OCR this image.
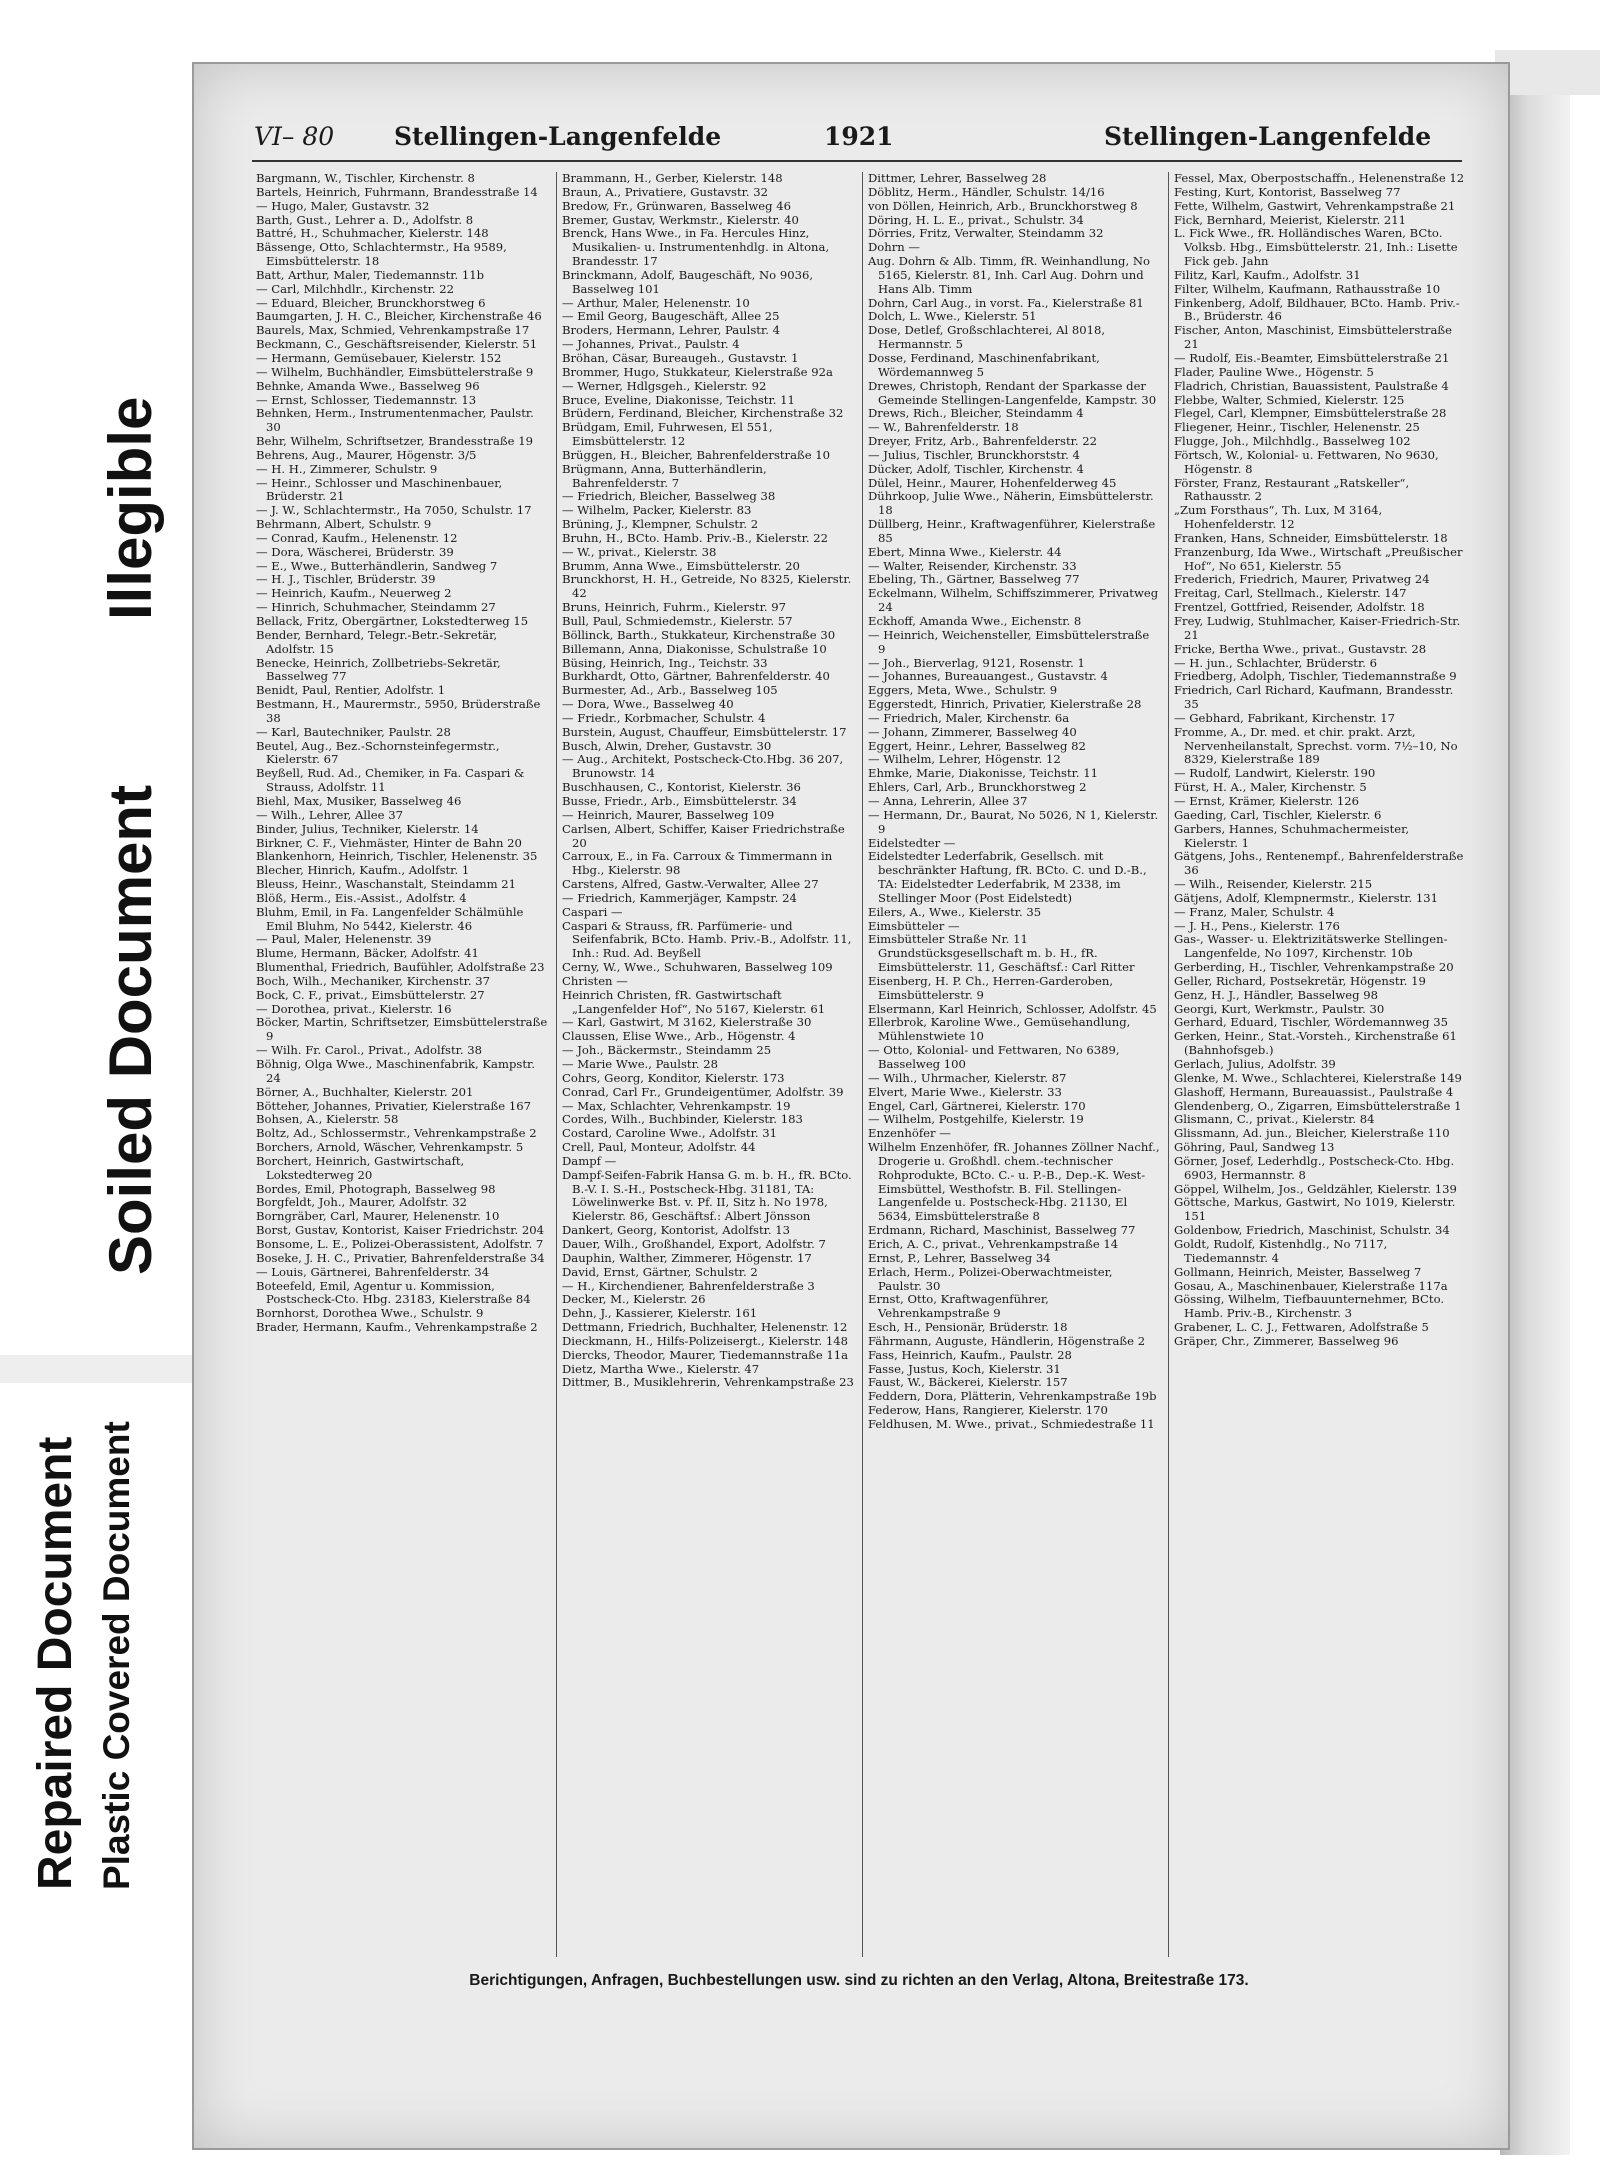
Illegible
Soiled Document
Repaired Document Plastic Covered Document
VI– 80 Stellingen-Langenfelde	1921	Stellingen-Langenfelde

Bargmann, W., Tischler, Kirchenstr. 8

Bartels, Heinrich, Fuhrmann, Brandesstraße 14

— Hugo, Maler, Gustavstr. 32

Barth, Gust., Lehrer a. D., Adolfstr. 8

Battré, H., Schuhmacher, Kielerstr. 148

Bässenge, Otto, Schlachtermstr., Ha 9589, Eimsbüttelerstr. 18

Batt, Arthur, Maler, Tiedemannstr. 11b

— Carl, Milchhdlr., Kirchenstr. 22

— Eduard, Bleicher, Brunckhorstweg 6

Baumgarten, J. H. C., Bleicher, Kirchenstraße 46

Baurels, Max, Schmied, Vehrenkampstraße 17

Beckmann, C., Geschäftsreisender, Kielerstr. 51

— Hermann, Gemüsebauer, Kielerstr. 152

— Wilhelm, Buchhändler, Eimsbüttelerstraße 9

Behnke, Amanda Wwe., Basselweg 96

— Ernst, Schlosser, Tiedemannstr. 13

Behnken, Herm., Instrumentenmacher, Paulstr. 30

Behr, Wilhelm, Schriftsetzer, Brandesstraße 19

Behrens, Aug., Maurer, Högenstr. 3/5

— H. H., Zimmerer, Schulstr. 9

— Heinr., Schlosser und Maschinenbauer, Brüderstr. 21

— J. W., Schlachtermstr., Ha 7050, Schulstr. 17

Behrmann, Albert, Schulstr. 9

— Conrad, Kaufm., Helenenstr. 12

— Dora, Wäscherei, Brüderstr. 39

— E., Wwe., Butterhändlerin, Sandweg 7

— H. J., Tischler, Brüderstr. 39

— Heinrich, Kaufm., Neuerweg 2

— Hinrich, Schuhmacher, Steindamm 27

Bellack, Fritz, Obergärtner, Lokstedterweg 15

Bender, Bernhard, Telegr.-Betr.-Sekretär, Adolfstr. 15

Benecke, Heinrich, Zollbetriebs-Sekretär, Basselweg 77

Benidt, Paul, Rentier, Adolfstr. 1

Bestmann, H., Maurermstr., 5950, Brüderstraße 38

— Karl, Bautechniker, Paulstr. 28

Beutel, Aug., Bez.-Schornsteinfegermstr., Kielerstr. 67

Beyßell, Rud. Ad., Chemiker, in Fa. Caspari & Strauss, Adolfstr. 11

Biehl, Max, Musiker, Basselweg 46

— Wilh., Lehrer, Allee 37

Binder, Julius, Techniker, Kielerstr. 14

Birkner, C. F., Viehmäster, Hinter de Bahn 20

Blankenhorn, Heinrich, Tischler, Helenenstr. 35

Blecher, Hinrich, Kaufm., Adolfstr. 1

Bleuss, Heinr., Waschanstalt, Steindamm 21

Blöß, Herm., Eis.-Assist., Adolfstr. 4

Bluhm, Emil, in Fa. Langenfelder Schälmühle Emil Bluhm, No 5442, Kielerstr. 46

— Paul, Maler, Helenenstr. 39

Blume, Hermann, Bäcker, Adolfstr. 41

Blumenthal, Friedrich, Baufühler, Adolfstraße 23

Boch, Wilh., Mechaniker, Kirchenstr. 37

Bock, C. F., privat., Eimsbüttelerstr. 27

— Dorothea, privat., Kielerstr. 16

Böcker, Martin, Schriftsetzer, Eimsbüttelerstraße 9

— Wilh. Fr. Carol., Privat., Adolfstr. 38

Böhnig, Olga Wwe., Maschinenfabrik, Kampstr. 24

Börner, A., Buchhalter, Kielerstr. 201

Bötteher, Johannes, Privatier, Kielerstraße 167

Bohsen, A., Kielerstr. 58

Boltz, Ad., Schlossermstr., Vehrenkampstraße 2

Borchers, Arnold, Wäscher, Vehrenkampstr. 5

Borchert, Heinrich, Gastwirtschaft, Lokstedterweg 20

Bordes, Emil, Photograph, Basselweg 98

Borgfeldt, Joh., Maurer, Adolfstr. 32

Borngräber, Carl, Maurer, Helenenstr. 10

Borst, Gustav, Kontorist, Kaiser Friedrichstr. 204

Bonsome, L. E., Polizei-Oberassistent, Adolfstr. 7

Boseke, J. H. C., Privatier, Bahrenfelderstraße 34

— Louis, Gärtnerei, Bahrenfelderstr. 34

Boteefeld, Emil, Agentur u. Kommission, Postscheck-Cto. Hbg. 23183, Kielerstraße 84

Bornhorst, Dorothea Wwe., Schulstr. 9

Brader, Hermann, Kaufm., Vehrenkampstraße 2

Brammann, H., Gerber, Kielerstr. 148

Braun, A., Privatiere, Gustavstr. 32

Bredow, Fr., Grünwaren, Basselweg 46

Bremer, Gustav, Werkmstr., Kielerstr. 40

Brenck, Hans Wwe., in Fa. Hercules Hinz, Musikalien- u. Instrumentenhdlg. in Altona, Brandesstr. 17

Brinckmann, Adolf, Baugeschäft, No 9036, Basselweg 101

— Arthur, Maler, Helenenstr. 10

— Emil Georg, Baugeschäft, Allee 25

Broders, Hermann, Lehrer, Paulstr. 4

— Johannes, Privat., Paulstr. 4

Bröhan, Cäsar, Bureaugeh., Gustavstr. 1

Brommer, Hugo, Stukkateur, Kielerstraße 92a

— Werner, Hdlgsgeh., Kielerstr. 92

Bruce, Eveline, Diakonisse, Teichstr. 11

Brüdern, Ferdinand, Bleicher, Kirchenstraße 32

Brüdgam, Emil, Fuhrwesen, El 551, Eimsbüttelerstr. 12

Brüggen, H., Bleicher, Bahrenfelderstraße 10

Brügmann, Anna, Butterhändlerin, Bahrenfelderstr. 7

— Friedrich, Bleicher, Basselweg 38

— Wilhelm, Packer, Kielerstr. 83

Brüning, J., Klempner, Schulstr. 2

Bruhn, H., BCto. Hamb. Priv.-B., Kielerstr. 22

— W., privat., Kielerstr. 38

Brumm, Anna Wwe., Eimsbüttelerstr. 20

Brunckhorst, H. H., Getreide, No 8325, Kielerstr. 42

Bruns, Heinrich, Fuhrm., Kielerstr. 97

Bull, Paul, Schmiedemstr., Kielerstr. 57

Böllinck, Barth., Stukkateur, Kirchenstraße 30

Billemann, Anna, Diakonisse, Schulstraße 10

Büsing, Heinrich, Ing., Teichstr. 33

Burkhardt, Otto, Gärtner, Bahrenfelderstr. 40

Burmester, Ad., Arb., Basselweg 105

— Dora, Wwe., Basselweg 40

— Friedr., Korbmacher, Schulstr. 4

Burstein, August, Chauffeur, Eimsbüttelerstr. 17

Busch, Alwin, Dreher, Gustavstr. 30

— Aug., Architekt, Postscheck-Cto.Hbg. 36 207, Brunowstr. 14

Buschhausen, C., Kontorist, Kielerstr. 36

Busse, Friedr., Arb., Eimsbüttelerstr. 34

— Heinrich, Maurer, Basselweg 109

Carlsen, Albert, Schiffer, Kaiser Friedrichstraße 20

Carroux, E., in Fa. Carroux & Timmermann in Hbg., Kielerstr. 98

Carstens, Alfred, Gastw.-Verwalter, Allee 27

— Friedrich, Kammerjäger, Kampstr. 24

Caspari —

Caspari & Strauss, fR. Parfümerie- und Seifenfabrik, BCto. Hamb. Priv.-B., Adolfstr. 11, Inh.: Rud. Ad. Beyßell

Cerny, W., Wwe., Schuhwaren, Basselweg 109

Christen —

Heinrich Christen, fR. Gastwirtschaft „Langenfelder Hof“, No 5167, Kielerstr. 61

— Karl, Gastwirt, M 3162, Kielerstraße 30

Claussen, Elise Wwe., Arb., Högenstr. 4

— Joh., Bäckermstr., Steindamm 25

— Marie Wwe., Paulstr. 28

Cohrs, Georg, Konditor, Kielerstr. 173

Conrad, Carl Fr., Grundeigentümer, Adolfstr. 39

— Max, Schlachter, Vehrenkampstr. 19

Cordes, Wilh., Buchbinder, Kielerstr. 183

Costard, Caroline Wwe., Adolfstr. 31

Crell, Paul, Monteur, Adolfstr. 44

Dampf —

Dampf-Seifen-Fabrik Hansa G. m. b. H., fR. BCto. B.-V. I. S.-H., Postscheck-Hbg. 31181, TA: Löwelinwerke Bst. v. Pf. II, Sitz h. No 1978, Kielerstr. 86, Geschäftsf.: Albert Jönsson

Dankert, Georg, Kontorist, Adolfstr. 13

Dauer, Wilh., Großhandel, Export, Adolfstr. 7

Dauphin, Walther, Zimmerer, Högenstr. 17

David, Ernst, Gärtner, Schulstr. 2

— H., Kirchendiener, Bahrenfelderstraße 3

Decker, M., Kielerstr. 26

Dehn, J., Kassierer, Kielerstr. 161

Dettmann, Friedrich, Buchhalter, Helenenstr. 12

Dieckmann, H., Hilfs-Polizeisergt., Kielerstr. 148

Diercks, Theodor, Maurer, Tiedemannstraße 11a

Dietz, Martha Wwe., Kielerstr. 47

Dittmer, B., Musiklehrerin, Vehrenkampstraße 23

Dittmer, Lehrer, Basselweg 28

Döblitz, Herm., Händler, Schulstr. 14/16

von Döllen, Heinrich, Arb., Brunckhorstweg 8

Döring, H. L. E., privat., Schulstr. 34

Dörries, Fritz, Verwalter, Steindamm 32

Dohrn —

Aug. Dohrn & Alb. Timm, fR. Weinhandlung, No 5165, Kielerstr. 81, Inh. Carl Aug. Dohrn und Hans Alb. Timm

Dohrn, Carl Aug., in vorst. Fa., Kielerstraße 81

Dolch, L. Wwe., Kielerstr. 51

Dose, Detlef, Großschlachterei, Al 8018, Hermannstr. 5

Dosse, Ferdinand, Maschinenfabrikant, Wördemannweg 5

Drewes, Christoph, Rendant der Sparkasse der Gemeinde Stellingen-Langenfelde, Kampstr. 30

Drews, Rich., Bleicher, Steindamm 4

— W., Bahrenfelderstr. 18

Dreyer, Fritz, Arb., Bahrenfelderstr. 22

— Julius, Tischler, Brunckhorststr. 4

Dücker, Adolf, Tischler, Kirchenstr. 4

Dülel, Heinr., Maurer, Hohenfelderweg 45

Dührkoop, Julie Wwe., Näherin, Eimsbüttelerstr. 18

Düllberg, Heinr., Kraftwagenführer, Kielerstraße 85

Ebert, Minna Wwe., Kielerstr. 44

— Walter, Reisender, Kirchenstr. 33

Ebeling, Th., Gärtner, Basselweg 77

Eckelmann, Wilhelm, Schiffszimmerer, Privatweg 24

Eckhoff, Amanda Wwe., Eichenstr. 8

— Heinrich, Weichensteller, Eimsbüttelerstraße 9

— Joh., Bierverlag, 9121, Rosenstr. 1

— Johannes, Bureauangest., Gustavstr. 4

Eggers, Meta, Wwe., Schulstr. 9

Eggerstedt, Hinrich, Privatier, Kielerstraße 28

— Friedrich, Maler, Kirchenstr. 6a

— Johann, Zimmerer, Basselweg 40

Eggert, Heinr., Lehrer, Basselweg 82

— Wilhelm, Lehrer, Högenstr. 12

Ehmke, Marie, Diakonisse, Teichstr. 11

Ehlers, Carl, Arb., Brunckhorstweg 2

— Anna, Lehrerin, Allee 37

— Hermann, Dr., Baurat, No 5026, N 1, Kielerstr. 9

Eidelstedter —

Eidelstedter Lederfabrik, Gesellsch. mit beschränkter Haftung, fR. BCto. C. und D.-B., TA: Eidelstedter Lederfabrik, M 2338, im Stellinger Moor (Post Eidelstedt)

Eilers, A., Wwe., Kielerstr. 35

Eimsbütteler —

Eimsbütteler Straße Nr. 11 Grundstücksgesellschaft m. b. H., fR. Eimsbüttelerstr. 11, Geschäftsf.: Carl Ritter

Eisenberg, H. P. Ch., Herren-Garderoben, Eimsbüttelerstr. 9

Elsermann, Karl Heinrich, Schlosser, Adolfstr. 45

Ellerbrok, Karoline Wwe., Gemüsehandlung, Mühlenstwiete 10

— Otto, Kolonial- und Fettwaren, No 6389, Basselweg 100

— Wilh., Uhrmacher, Kielerstr. 87

Elvert, Marie Wwe., Kielerstr. 33

Engel, Carl, Gärtnerei, Kielerstr. 170

— Wilhelm, Postgehilfe, Kielerstr. 19

Enzenhöfer —

Wilhelm Enzenhöfer, fR. Johannes Zöllner Nachf., Drogerie u. Großhdl. chem.-technischer Rohprodukte, BCto. C.- u. P.-B., Dep.-K. West-Eimsbüttel, Westhofstr. B. Fil. Stellingen-Langenfelde u. Postscheck-Hbg. 21130, El 5634, Eimsbüttelerstraße 8

Erdmann, Richard, Maschinist, Basselweg 77

Erich, A. C., privat., Vehrenkampstraße 14

Ernst, P., Lehrer, Basselweg 34

Erlach, Herm., Polizei-Oberwachtmeister, Paulstr. 30

Ernst, Otto, Kraftwagenführer, Vehrenkampstraße 9

Esch, H., Pensionär, Brüderstr. 18

Fährmann, Auguste, Händlerin, Högenstraße 2

Fass, Heinrich, Kaufm., Paulstr. 28

Fasse, Justus, Koch, Kielerstr. 31

Faust, W., Bäckerei, Kielerstr. 157

Feddern, Dora, Plätterin, Vehrenkampstraße 19b

Federow, Hans, Rangierer, Kielerstr. 170

Feldhusen, M. Wwe., privat., Schmiedestraße 11

Fessel, Max, Oberpostschaffn., Helenenstraße 12

Festing, Kurt, Kontorist, Basselweg 77

Fette, Wilhelm, Gastwirt, Vehrenkampstraße 21

Fick, Bernhard, Meierist, Kielerstr. 211

L. Fick Wwe., fR. Holländisches Waren, BCto. Volksb. Hbg., Eimsbüttelerstr. 21, Inh.: Lisette Fick geb. Jahn

Filitz, Karl, Kaufm., Adolfstr. 31

Filter, Wilhelm, Kaufmann, Rathausstraße 10

Finkenberg, Adolf, Bildhauer, BCto. Hamb. Priv.-B., Brüderstr. 46

Fischer, Anton, Maschinist, Eimsbüttelerstraße 21

— Rudolf, Eis.-Beamter, Eimsbüttelerstraße 21

Flader, Pauline Wwe., Högenstr. 5

Fladrich, Christian, Bauassistent, Paulstraße 4

Flebbe, Walter, Schmied, Kielerstr. 125

Flegel, Carl, Klempner, Eimsbüttelerstraße 28

Fliegener, Heinr., Tischler, Helenenstr. 25

Flugge, Joh., Milchhdlg., Basselweg 102

Förtsch, W., Kolonial- u. Fettwaren, No 9630, Högenstr. 8

Förster, Franz, Restaurant „Ratskeller“, Rathausstr. 2

„Zum Forsthaus“, Th. Lux, M 3164, Hohenfelderstr. 12

Franken, Hans, Schneider, Eimsbüttelerstr. 18

Franzenburg, Ida Wwe., Wirtschaft „Preußischer Hof“, No 651, Kielerstr. 55

Frederich, Friedrich, Maurer, Privatweg 24

Freitag, Carl, Stellmach., Kielerstr. 147

Frentzel, Gottfried, Reisender, Adolfstr. 18

Frey, Ludwig, Stuhlmacher, Kaiser-Friedrich-Str. 21

Fricke, Bertha Wwe., privat., Gustavstr. 28

— H. jun., Schlachter, Brüderstr. 6

Friedberg, Adolph, Tischler, Tiedemannstraße 9

Friedrich, Carl Richard, Kaufmann, Brandesstr. 35

— Gebhard, Fabrikant, Kirchenstr. 17

Fromme, A., Dr. med. et chir. prakt. Arzt, Nervenheilanstalt, Sprechst. vorm. 7½–10, No 8329, Kielerstraße 189

— Rudolf, Landwirt, Kielerstr. 190

Fürst, H. A., Maler, Kirchenstr. 5

— Ernst, Krämer, Kielerstr. 126

Gaeding, Carl, Tischler, Kielerstr. 6

Garbers, Hannes, Schuhmachermeister, Kielerstr. 1

Gätgens, Johs., Rentenempf., Bahrenfelderstraße 36

— Wilh., Reisender, Kielerstr. 215

Gätjens, Adolf, Klempnermstr., Kielerstr. 131

— Franz, Maler, Schulstr. 4

— J. H., Pens., Kielerstr. 176

Gas-, Wasser- u. Elektrizitätswerke Stellingen-Langenfelde, No 1097, Kirchenstr. 10b

Gerberding, H., Tischler, Vehrenkampstraße 20

Geller, Richard, Postsekretär, Högenstr. 19

Genz, H. J., Händler, Basselweg 98

Georgi, Kurt, Werkmstr., Paulstr. 30

Gerhard, Eduard, Tischler, Wördemannweg 35

Gerken, Heinr., Stat.-Vorsteh., Kirchenstraße 61 (Bahnhofsgeb.)

Gerlach, Julius, Adolfstr. 39

Glenke, M. Wwe., Schlachterei, Kielerstraße 149

Glashoff, Hermann, Bureauassist., Paulstraße 4

Glendenberg, O., Zigarren, Eimsbüttelerstraße 1

Glismann, C., privat., Kielerstr. 84

Glissmann, Ad. jun., Bleicher, Kielerstraße 110

Göhring, Paul, Sandweg 13

Görner, Josef, Lederhdlg., Postscheck-Cto. Hbg. 6903, Hermannstr. 8

Göppel, Wilhelm, Jos., Geldzähler, Kielerstr. 139

Göttsche, Markus, Gastwirt, No 1019, Kielerstr. 151

Goldenbow, Friedrich, Maschinist, Schulstr. 34

Goldt, Rudolf, Kistenhdlg., No 7117, Tiedemannstr. 4

Gollmann, Heinrich, Meister, Basselweg 7

Gosau, A., Maschinenbauer, Kielerstraße 117a

Gössing, Wilhelm, Tiefbauunternehmer, BCto. Hamb. Priv.-B., Kirchenstr. 3

Grabener, L. C. J., Fettwaren, Adolfstraße 5

Gräper, Chr., Zimmerer, Basselweg 96

Berichtigungen, Anfragen, Buchbestellungen usw. sind zu richten an den Verlag, Altona, Breitestraße 173.
